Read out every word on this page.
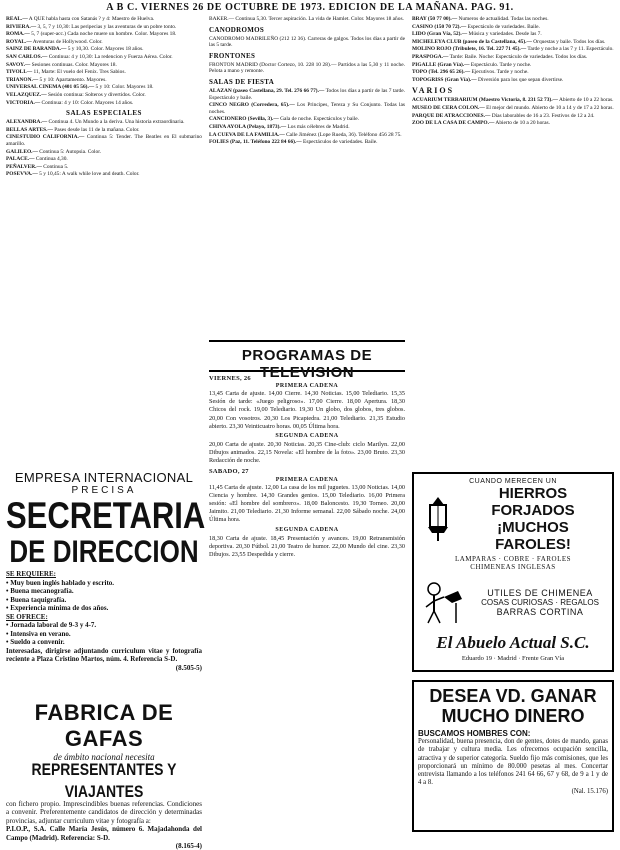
A B C. VIERNES 26 DE OCTUBRE DE 1973. EDICION DE LA MAÑANA. PAG. 91.

REAL.— A QUE habla hasta con Satanás ? y 4: Maestro de Huelva.

RIVIERA.— 3, 5, 7 y 10,30: Las peripecias y las aventuras de un pobre tonto.

ROMA.— 5, 7 (super-acc.) Cada noche muere un hombre. Color. Mayores 18.

ROYAL.— Aventuras de Hollywood. Color.

SAINZ DE BARANDA.— 5 y 10,30. Color. Mayores 18 años.

SAN CARLOS.— Continua: 4 y 10,30: La redencion y Fuerza Aérea. Color.

SAVOY.— Sesiones continuas. Color. Mayores 18.

TIVOLI.— 11, Marte: El vuelo del Fenix. Tres Sabios.

TRIANON.— 5 y 10: Apartamento. Mayores.

UNIVERSAL CINEMA (401 05 56).— 5 y 10: Color. Mayores 18.

VELAZQUEZ.— Sesión continua: Solteros y divertidos. Color.

VICTORIA.— Continua: 4 y 10: Color. Mayores 14 años.

SALAS ESPECIALES

ALEXANDRA.— Continua 4. Un Mundo a la deriva. Una historia extraordinaria.

BELLAS ARTES.— Pases desde las 11 de la mañana. Color.

CINESTUDIO CALIFORNIA.— Continua 5: Tender. The Beatles en El submarino amarillo.

GALILEO.— Continua 5: Autopsia. Color.

PALACE.— Continua 4,30.

PEÑALVER.— Continua 5.

POSEVVA.— 5 y 10,45: A walk while love and death. Color.

EMPRESA INTERNACIONAL
PRECISA
SECRETARIA
DE DIRECCION
SE REQUIERE:
• Muy buen inglés hablado y escrito.
• Buena mecanografía.
• Buena taquigrafía.
• Experiencia mínima de dos años.
SE OFRECE:
• Jornada laboral de 9-3 y 4-7.
• Intensiva en verano.
• Sueldo a convenir.
Interesadas, dirigirse adjuntando curriculum vitae y fotografía reciente a Plaza Cristino Martos, núm. 4. Referencia S-D.
(8.505-5)
FABRICA DE GAFAS
de ámbito nacional necesita
REPRESENTANTES Y VIAJANTES
con fichero propio. Imprescindibles buenas referencias. Condiciones a convenir. Preferentemente candidatos de dirección y determinadas provincias, adjuntar curriculum vitae y fotografía a:
P.I.O.P., S.A. Calle María Jesús, número 6. Majadahonda del Campo (Madrid). Referencia: S-D.
(8.165-4)

BAKER.— Continua 5,30. Tercer aspiración. La vida de Hamlet. Color. Mayores 18 años.

CANODROMOS

CANODROMO MADRILEÑO (212 12 36). Carreras de galgos. Todos los días a partir de las 5 tarde.

FRONTONES

FRONTON MADRID (Doctor Cortezo, 10. 228 10 28).— Partidos a las 5,30 y 11 noche. Pelota a mano y remonte.

SALAS DE FIESTA

ALAZAN (paseo Castellana, 29. Tel. 276 66 77).— Todos los días a partir de las 7 tarde. Espectáculo y baile.

CINCO NEGRO (Corredera, 65).— Los Principes, Tereza y Su Conjunto. Todas las noches.

CANCIONERO (Sevilla, 3).— Gala de noche. Espectáculos y baile.

CHIVA AYOLA (Pelayo, 1873).— Los más célebres de Madrid.

LA CUEVA DE LA FAMILIA.— Calle Jiménez (Lope Rueda, 36). Teléfono 456 28 75.

FOLIES (Paz, 11. Teléfono 222 84 66).— Espectáculos de variedades. Baile.

PROGRAMAS DE TELEVISION
VIERNES, 26
PRIMERA CADENA

13,45 Carta de ajuste. 14,00 Cierre. 14,30 Noticias. 15,00 Telediario. 15,35 Sesión de tarde: «Juego peligroso». 17,00 Cierre. 18,00 Apertura. 18,30 Chicos del rock. 19,00 Telediario. 19,30 Un globo, dos globos, tres globos. 20,00 Con vosotros. 20,30 Los Picapiedra. 21,00 Telediario. 21,35 Estudio abierto. 23,30 Veinticuatro horas. 00,05 Última hora.

SEGUNDA CADENA

20,00 Carta de ajuste. 20,30 Noticias. 20,35 Cine-club: ciclo Marilyn. 22,00 Dibujos animados. 22,15 Novela: «El hombre de la foto». 23,00 Bruto. 23,30 Redacción de noche.

SABADO, 27
PRIMERA CADENA

11,45 Carta de ajuste. 12,00 La casa de los mil juguetes. 13,00 Noticias. 14,00 Ciencia y hombre. 14,30 Grandes genios. 15,00 Telediario. 16,00 Primera sesión: «El hombre del sombrero». 18,00 Baloncesto. 19,30 Torneo. 20,00 Jaimito. 21,00 Telediario. 21,30 Informe semanal. 22,00 Sábado noche. 24,00 Última hora.

SEGUNDA CADENA

18,30 Carta de ajuste. 18,45 Presentación y avances. 19,00 Retransmisión deportiva. 20,30 Fútbol. 21,00 Teatro de humor. 22,00 Mundo del cine. 23,30 Dibujos. 23,55 Despedida y cierre.

BRAY (50 77 00).— Numeros de actualidad. Todas las noches.

CASINO (150 70 72).— Espectáculo de variedades. Baile.

LIDO (Gran Vía, 52).— Música y variedades. Desde las 7.

MICHELEYA CLUB (paseo de la Castellana, 45).— Orquestas y baile. Todos los días.

MOLINO ROJO (Tribulete, 16. Tel. 227 71 45).— Tarde y noche a las 7 y 11. Espectáculo.

PRASPOGA.— Tarde: Baile. Noche: Espectáculo de variedades. Todos los días.

PIGALLE (Gran Vía).— Espectáculo. Tarde y noche.

TOPO (Tel. 296 65 26).— Ejecutivos. Tarde y noche.

TOPOGRISS (Gran Vía).— Diversión para los que sepan divertirse.

VARIOS

ACUARIUM TERRARIUM (Maestro Victoria, 8. 231 52 73).— Abierto de 10 a 22 horas.

MUSEO DE CERA COLON.— El mejor del mundo. Abierto de 10 a 14 y de 17 a 22 horas.

PARQUE DE ATRACCIONES.— Días laborables de 16 a 23. Festivos de 12 a 24.

ZOO DE LA CASA DE CAMPO.— Abierto de 10 a 20 horas.

CUANDO MERECEN UN
HIERROS FORJADOS
¡MUCHOS FAROLES!
LAMPARAS · COBRE · FAROLES
CHIMENEAS INGLESAS
UTILES DE CHIMENEA
COSAS CURIOSAS · REGALOS
BARRAS CORTINA
El Abuelo Actual S.C.
Eduardo 19 · Madrid · Frente Gran Vía
DESEA VD. GANAR
MUCHO DINERO
BUSCAMOS HOMBRES CON:
Personalidad, buena presencia, don de gentes, dotes de mando, ganas de trabajar y cultura media. Les ofrecemos ocupación sencilla, atractiva y de superior categoría. Sueldo fijo más comisiones, que les proporcionará un mínimo de 80.000 pesetas al mes. Concertar entrevista llamando a los teléfonos 241 64 66, 67 y 68, de 9 a 1 y de 4 a 8.
(Nal. 15.176)
